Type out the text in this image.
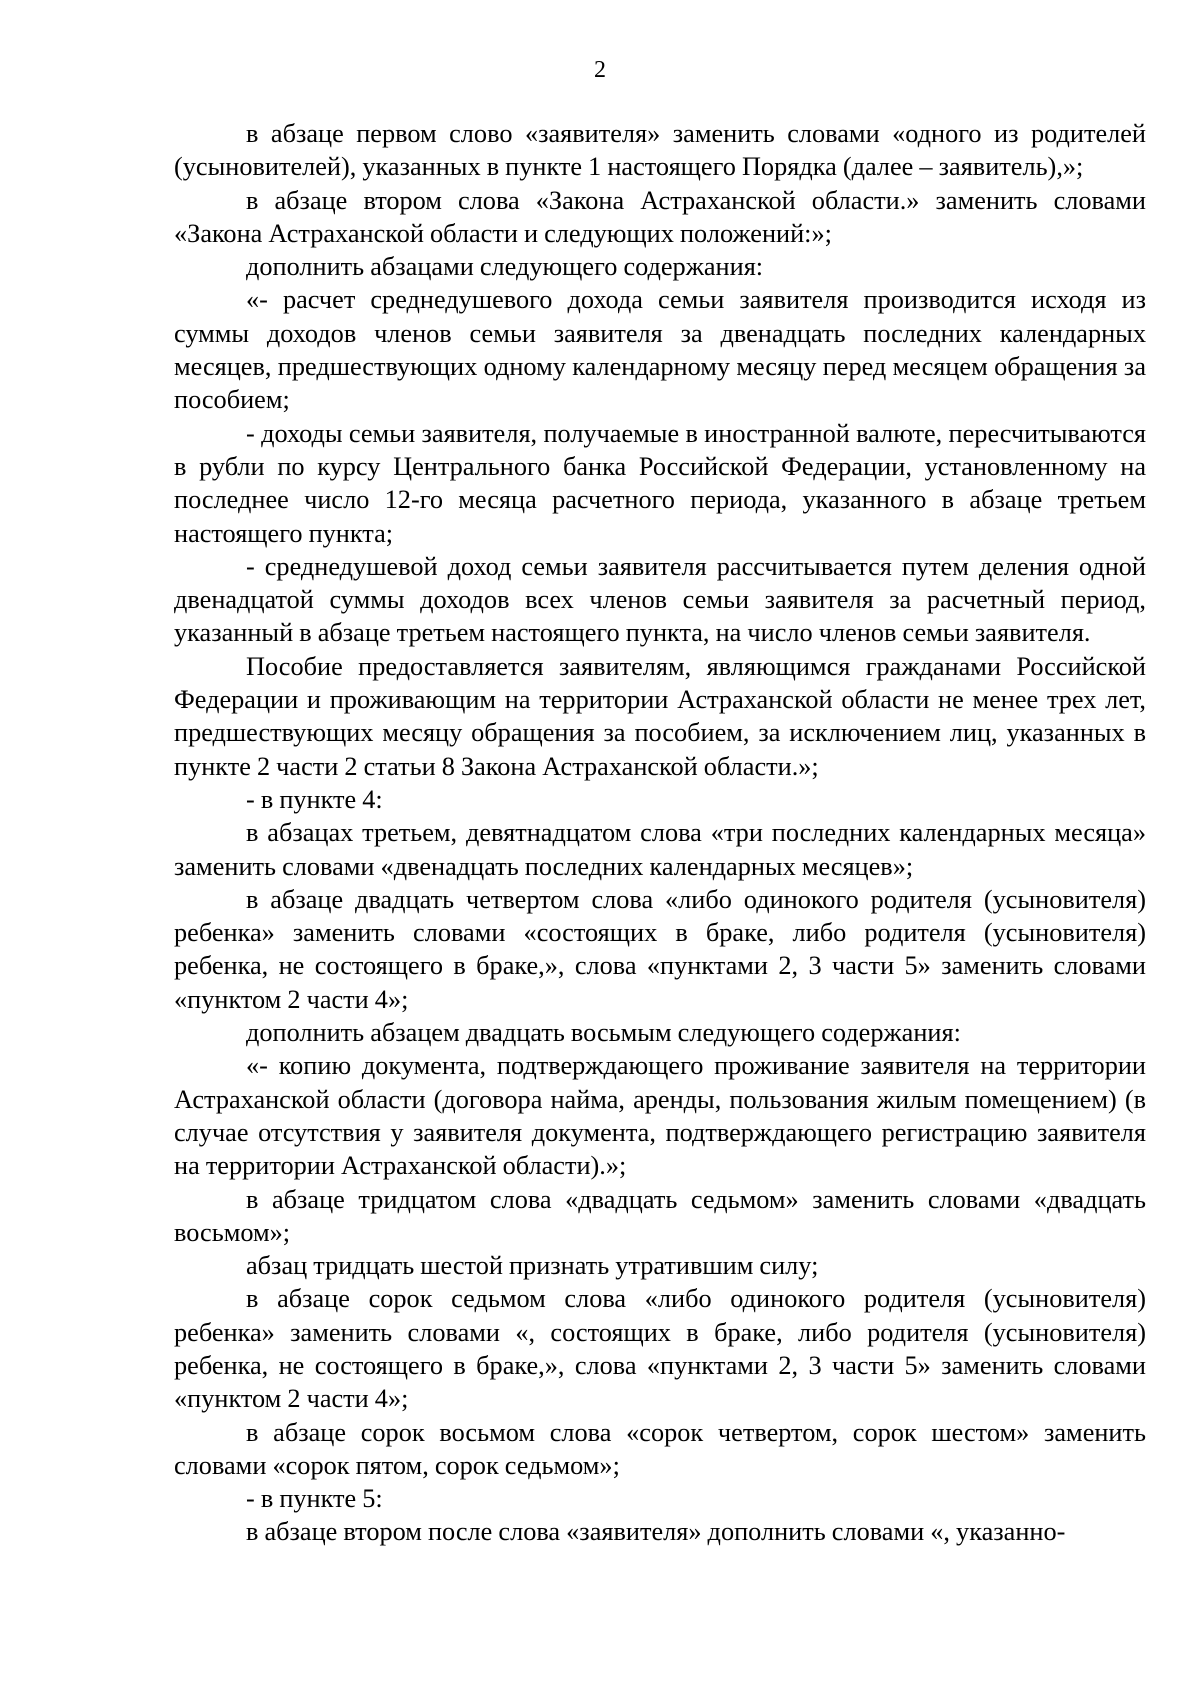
2

в абзаце первом слово «заявителя» заменить словами «одного из родителей (усыновителей), указанных в пункте 1 настоящего Порядка (далее – заявитель),»;

в абзаце втором слова «Закона Астраханской области.» заменить словами «Закона Астраханской области и следующих положений:»;

дополнить абзацами следующего содержания:

«- расчет среднедушевого дохода семьи заявителя производится исходя из суммы доходов членов семьи заявителя за двенадцать последних календарных месяцев, предшествующих одному календарному месяцу перед месяцем обращения за пособием;

- доходы семьи заявителя, получаемые в иностранной валюте, пересчитываются в рубли по курсу Центрального банка Российской Федерации, установленному на последнее число 12-го месяца расчетного периода, указанного в абзаце третьем настоящего пункта;

- среднедушевой доход семьи заявителя рассчитывается путем деления одной двенадцатой суммы доходов всех членов семьи заявителя за расчетный период, указанный в абзаце третьем настоящего пункта, на число членов семьи заявителя.

Пособие предоставляется заявителям, являющимся гражданами Российской Федерации и проживающим на территории Астраханской области не менее трех лет, предшествующих месяцу обращения за пособием, за исключением лиц, указанных в пункте 2 части 2 статьи 8 Закона Астраханской области.»;

- в пункте 4:

в абзацах третьем, девятнадцатом слова «три последних календарных месяца» заменить словами «двенадцать последних календарных месяцев»;

в абзаце двадцать четвертом слова «либо одинокого родителя (усыновителя) ребенка» заменить словами «состоящих в браке, либо родителя (усыновителя) ребенка, не состоящего в браке,», слова «пунктами 2, 3 части 5» заменить словами «пунктом 2 части 4»;

дополнить абзацем двадцать восьмым следующего содержания:

«- копию документа, подтверждающего проживание заявителя на территории Астраханской области (договора найма, аренды, пользования жилым помещением) (в случае отсутствия у заявителя документа, подтверждающего регистрацию заявителя на территории Астраханской области).»;

в абзаце тридцатом слова «двадцать седьмом» заменить словами «двадцать восьмом»;

абзац тридцать шестой признать утратившим силу;

в абзаце сорок седьмом слова «либо одинокого родителя (усыновителя) ребенка» заменить словами «, состоящих в браке, либо родителя (усыновителя) ребенка, не состоящего в браке,», слова «пунктами 2, 3 части 5» заменить словами «пунктом 2 части 4»;

в абзаце сорок восьмом слова «сорок четвертом, сорок шестом» заменить словами «сорок пятом, сорок седьмом»;

- в пункте 5:

в абзаце втором после слова «заявителя» дополнить словами «, указанно-
